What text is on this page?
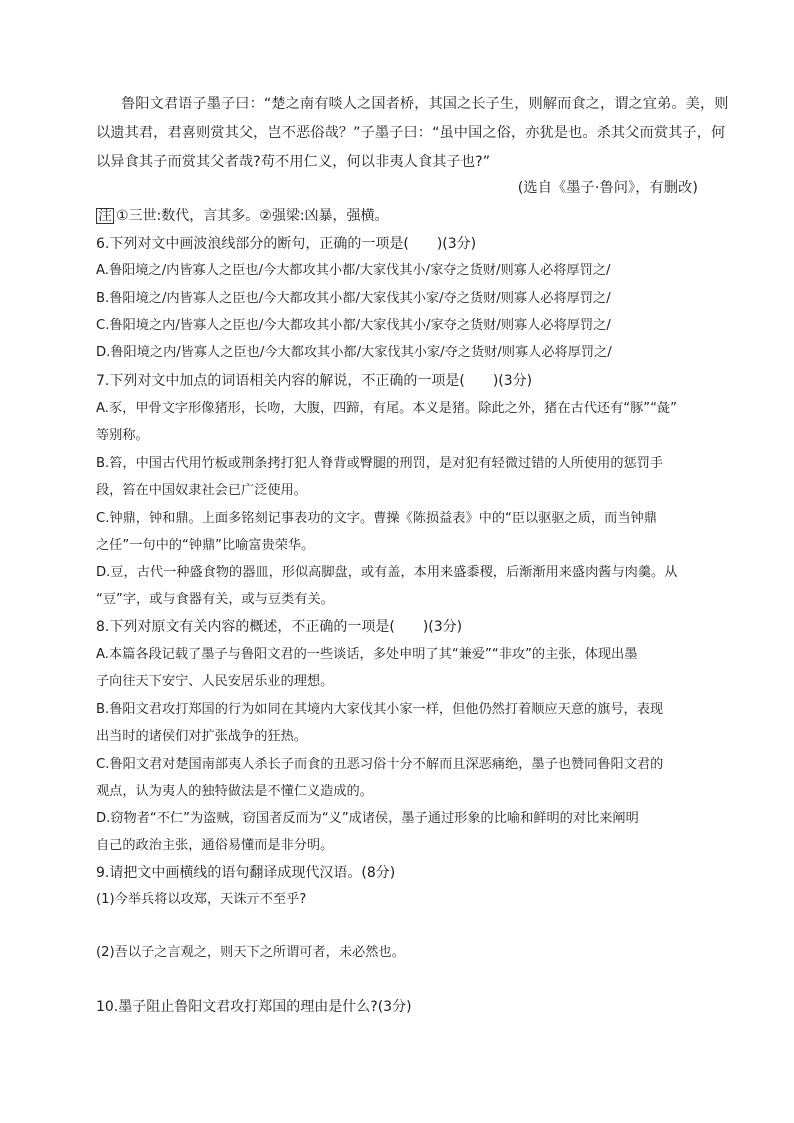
鲁阳文君语子墨子曰：“楚之南有啖人之国者桥，其国之长子生，则解而食之，谓之宜弟。美，则
以遗其君，君喜则赏其父，岂不恶俗哉？”子墨子曰：“虽中国之俗，亦犹是也。杀其父而赏其子，何
以异食其子而赏其父者哉?苟不用仁义，何以非夷人食其子也?”
(选自《墨子·鲁问》，有删改)
注 ①三世:数代，言其多。②强梁:凶暴，强横。
6.下列对文中画波浪线部分的断句，正确的一项是(　　)(3分)
A.鲁阳境之/内皆寡人之臣也/今大都攻其小都/大家伐其小/家夺之货财/则寡人必将厚罚之/
B.鲁阳境之/内皆寡人之臣也/今大都攻其小都/大家伐其小家/夺之货财/则寡人必将厚罚之/
C.鲁阳境之内/皆寡人之臣也/今大都攻其小都/大家伐其小/家夺之货财/则寡人必将厚罚之/
D.鲁阳境之内/皆寡人之臣也/今大都攻其小都/大家伐其小家/夺之货财/则寡人必将厚罚之/
7.下列对文中加点的词语相关内容的解说，不正确的一项是(　　)(3分)
A.豕，甲骨文字形像猪形，长吻，大腹，四蹄，有尾。本义是猪。除此之外，猪在古代还有“豚”“彘”
等别称。
B.笞，中国古代用竹板或荆条拷打犯人脊背或臀腿的刑罚，是对犯有轻微过错的人所使用的惩罚手
段，笞在中国奴隶社会已广泛使用。
C.钟鼎，钟和鼎。上面多铭刻记事表功的文字。曹操《陈损益表》中的“臣以驱驱之质，而当钟鼎
之任”一句中的“钟鼎”比喻富贵荣华。
D.豆，古代一种盛食物的器皿，形似高脚盘，或有盖，本用来盛黍稷，后渐渐用来盛肉酱与肉羹。从
“豆”字，或与食器有关，或与豆类有关。
8.下列对原文有关内容的概述，不正确的一项是(　　)(3分)
A.本篇各段记载了墨子与鲁阳文君的一些谈话，多处申明了其“兼爱”“非攻”的主张，体现出墨
子向往天下安宁、人民安居乐业的理想。
B.鲁阳文君攻打郑国的行为如同在其境内大家伐其小家一样，但他仍然打着顺应天意的旗号，表现
出当时的诸侯们对扩张战争的狂热。
C.鲁阳文君对楚国南部夷人杀长子而食的丑恶习俗十分不解而且深恶痛绝，墨子也赞同鲁阳文君的
观点，认为夷人的独特做法是不懂仁义造成的。
D.窃物者“不仁”为盗贼，窃国者反而为“义”成诸侯，墨子通过形象的比喻和鲜明的对比来阐明
自己的政治主张，通俗易懂而是非分明。
9.请把文中画横线的语句翻译成现代汉语。(8分)
(1)今举兵将以攻郑，天诛亓不至乎?
(2)吾以子之言观之，则天下之所谓可者，未必然也。
10.墨子阻止鲁阳文君攻打郑国的理由是什么?(3分)
